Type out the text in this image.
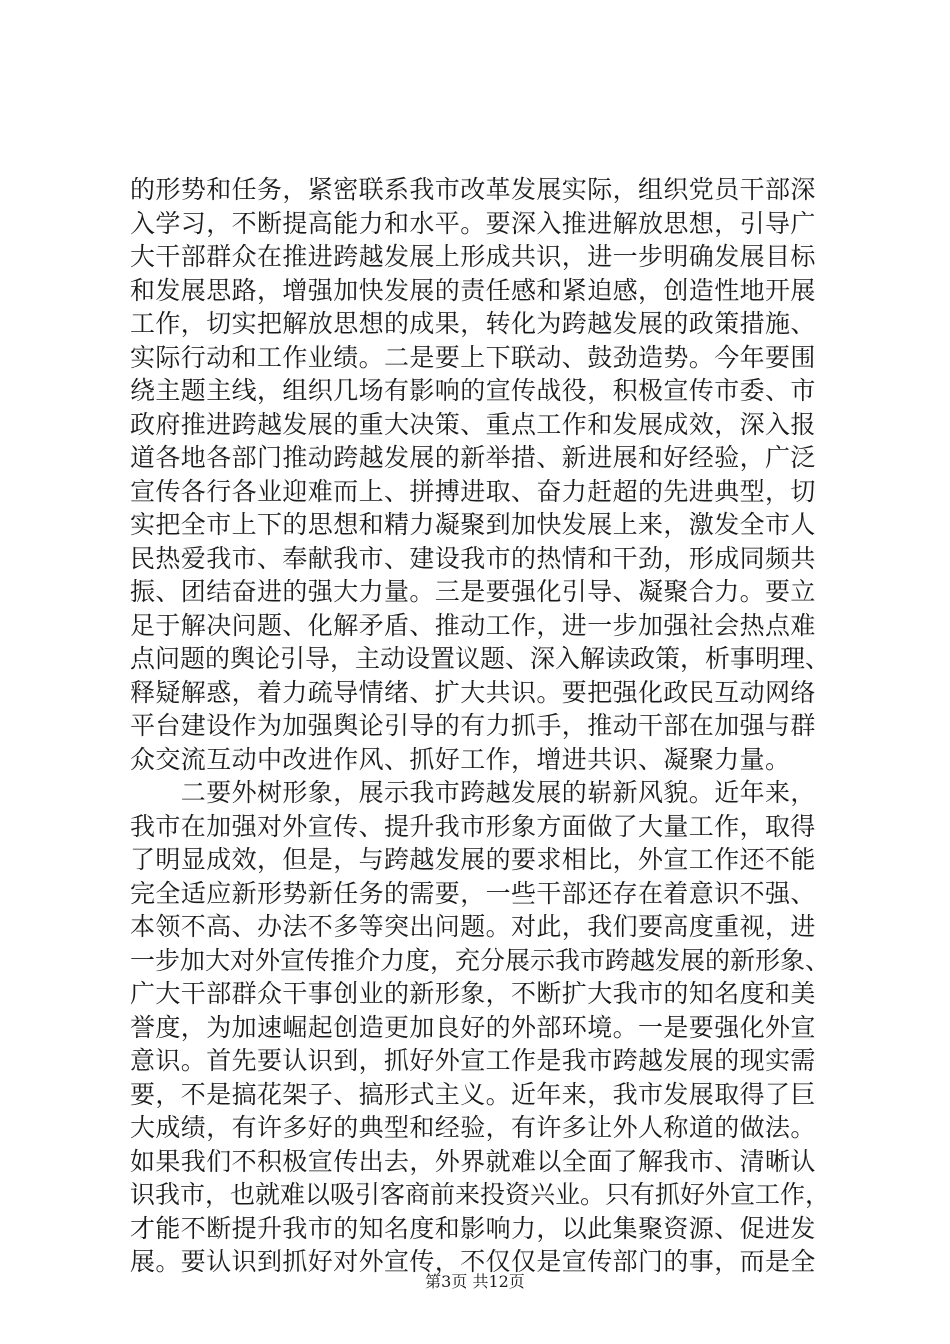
的形势和任务，紧密联系我市改革发展实际，组织党员干部深
入学习，不断提高能力和水平。要深入推进解放思想，引导广
大干部群众在推进跨越发展上形成共识，进一步明确发展目标
和发展思路，增强加快发展的责任感和紧迫感，创造性地开展
工作，切实把解放思想的成果，转化为跨越发展的政策措施、
实际行动和工作业绩。二是要上下联动、鼓劲造势。今年要围
绕主题主线，组织几场有影响的宣传战役，积极宣传市委、市
政府推进跨越发展的重大决策、重点工作和发展成效，深入报
道各地各部门推动跨越发展的新举措、新进展和好经验，广泛
宣传各行各业迎难而上、拼搏进取、奋力赶超的先进典型，切
实把全市上下的思想和精力凝聚到加快发展上来，激发全市人
民热爱我市、奉献我市、建设我市的热情和干劲，形成同频共
振、团结奋进的强大力量。三是要强化引导、凝聚合力。要立
足于解决问题、化解矛盾、推动工作，进一步加强社会热点难
点问题的舆论引导，主动设置议题、深入解读政策，析事明理、
释疑解惑，着力疏导情绪、扩大共识。要把强化政民互动网络
平台建设作为加强舆论引导的有力抓手，推动干部在加强与群
众交流互动中改进作风、抓好工作，增进共识、凝聚力量。
　　二要外树形象，展示我市跨越发展的崭新风貌。近年来，
我市在加强对外宣传、提升我市形象方面做了大量工作，取得
了明显成效，但是，与跨越发展的要求相比，外宣工作还不能
完全适应新形势新任务的需要，一些干部还存在着意识不强、
本领不高、办法不多等突出问题。对此，我们要高度重视，进
一步加大对外宣传推介力度，充分展示我市跨越发展的新形象、
广大干部群众干事创业的新形象，不断扩大我市的知名度和美
誉度，为加速崛起创造更加良好的外部环境。一是要强化外宣
意识。首先要认识到，抓好外宣工作是我市跨越发展的现实需
要，不是搞花架子、搞形式主义。近年来，我市发展取得了巨
大成绩，有许多好的典型和经验，有许多让外人称道的做法。
如果我们不积极宣传出去，外界就难以全面了解我市、清晰认
识我市，也就难以吸引客商前来投资兴业。只有抓好外宣工作，
才能不断提升我市的知名度和影响力，以此集聚资源、促进发
展。要认识到抓好对外宣传，不仅仅是宣传部门的事，而是全
第3页 共12页
